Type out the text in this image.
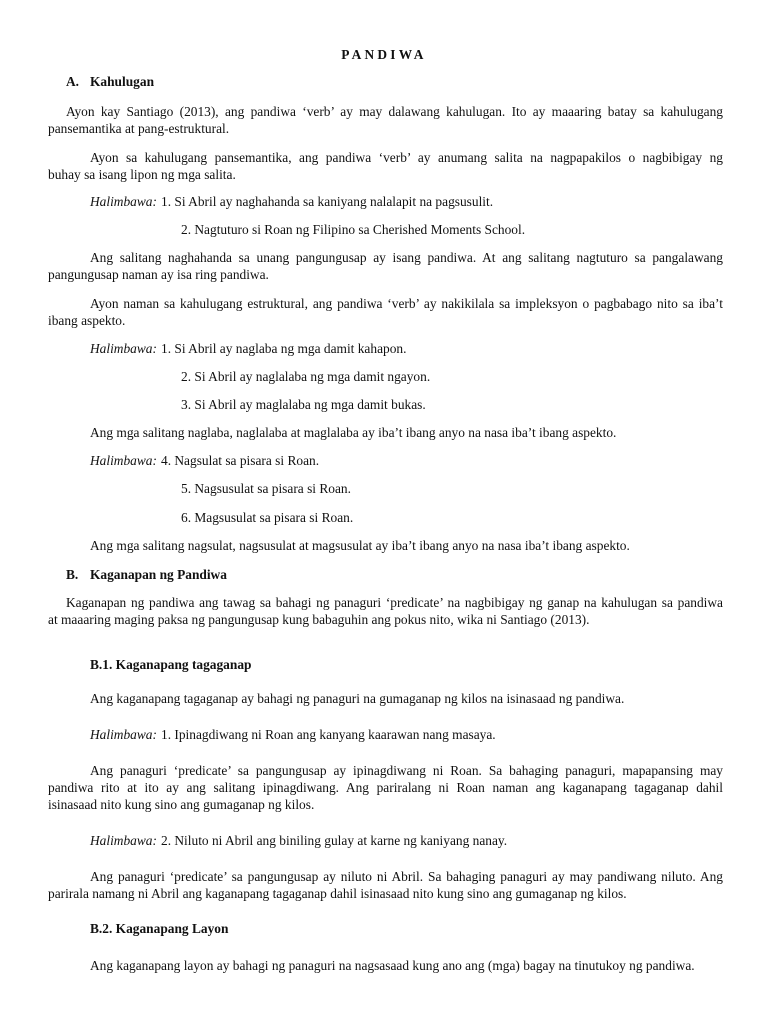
PANDIWA
A. Kahulugan
Ayon kay Santiago (2013), ang pandiwa ‘verb’ ay may dalawang kahulugan. Ito ay maaaring batay sa kahulugang
pansemantika at pang-estruktural.
Ayon sa kahulugang pansemantika, ang pandiwa ‘verb’ ay anumang salita na nagpapakilos o nagbibigay ng
buhay sa isang lipon ng mga salita.
Halimbawa: 1. Si Abril ay naghahanda sa kaniyang nalalapit na pagsusulit.
2. Nagtuturo si Roan ng Filipino sa Cherished Moments School.
Ang salitang naghahanda sa unang pangungusap ay isang pandiwa. At ang salitang nagtuturo sa pangalawang
pangungusap naman ay isa ring pandiwa.
Ayon naman sa kahulugang estruktural, ang pandiwa ‘verb’ ay nakikilala sa impleksyon o pagbabago nito sa iba’t
ibang aspekto.
Halimbawa: 1. Si Abril ay naglaba ng mga damit kahapon.
2. Si Abril ay naglalaba ng mga damit ngayon.
3. Si Abril ay maglalaba ng mga damit bukas.
Ang mga salitang naglaba, naglalaba at maglalaba ay iba’t ibang anyo na nasa iba’t ibang aspekto.
Halimbawa: 4. Nagsulat sa pisara si Roan.
5. Nagsusulat sa pisara si Roan.
6. Magsusulat sa pisara si Roan.
Ang mga salitang nagsulat, nagsusulat at magsusulat ay iba’t ibang anyo na nasa iba’t ibang aspekto.
B. Kaganapan ng Pandiwa
Kaganapan ng pandiwa ang tawag sa bahagi ng panaguri ‘predicate’ na nagbibigay ng ganap na kahulugan sa pandiwa
at maaaring maging paksa ng pangungusap kung babaguhin ang pokus nito, wika ni Santiago (2013).
B.1. Kaganapang tagaganap
Ang kaganapang tagaganap ay bahagi ng panaguri na gumaganap ng kilos na isinasaad ng pandiwa.
Halimbawa: 1. Ipinagdiwang ni Roan ang kanyang kaarawan nang masaya.
Ang panaguri ‘predicate’ sa pangungusap ay ipinagdiwang ni Roan. Sa bahaging panaguri, mapapansing may
pandiwa rito at ito ay ang salitang ipinagdiwang. Ang pariralang ni Roan naman ang kaganapang tagaganap dahil
isinasaad nito kung sino ang gumaganap ng kilos.
Halimbawa: 2. Niluto ni Abril ang biniling gulay at karne ng kaniyang nanay.
Ang panaguri ‘predicate’ sa pangungusap ay niluto ni Abril. Sa bahaging panaguri ay may pandiwang niluto. Ang
parirala namang ni Abril ang kaganapang tagaganap dahil isinasaad nito kung sino ang gumaganap ng kilos.
B.2. Kaganapang Layon
Ang kaganapang layon ay bahagi ng panaguri na nagsasaad kung ano ang (mga) bagay na tinutukoy ng pandiwa.
